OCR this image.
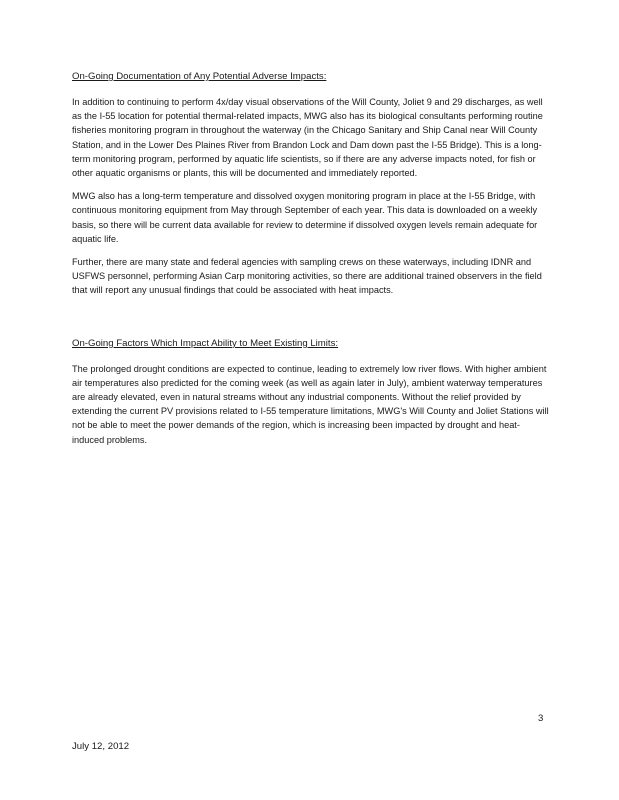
On-Going Documentation of Any Potential Adverse Impacts:

In addition to continuing to perform 4x/day visual observations of the Will County, Joliet 9 and 29 discharges, as well as the I-55 location for potential thermal-related impacts, MWG also has its biological consultants performing routine fisheries monitoring program in throughout the waterway (in the Chicago Sanitary and Ship Canal near Will County Station, and in the Lower Des Plaines River from Brandon Lock and Dam down past the I-55 Bridge). This is a long-term monitoring program, performed by aquatic life scientists, so if there are any adverse impacts noted, for fish or other aquatic organisms or plants, this will be documented and immediately reported.

MWG also has a long-term temperature and dissolved oxygen monitoring program in place at the I-55 Bridge, with continuous monitoring equipment from May through September of each year. This data is downloaded on a weekly basis, so there will be current data available for review to determine if dissolved oxygen levels remain adequate for aquatic life.

Further, there are many state and federal agencies with sampling crews on these waterways, including IDNR and USFWS personnel, performing Asian Carp monitoring activities, so there are additional trained observers in the field that will report any unusual findings that could be associated with heat impacts.

On-Going Factors Which Impact Ability to Meet Existing Limits:

The prolonged drought conditions are expected to continue, leading to extremely low river flows. With higher ambient air temperatures also predicted for the coming week (as well as again later in July), ambient waterway temperatures are already elevated, even in natural streams without any industrial components. Without the relief provided by extending the current PV provisions related to I-55 temperature limitations, MWG's Will County and Joliet Stations will not be able to meet the power demands of the region, which is increasing been impacted by drought and heat-induced problems.

3
July 12, 2012
